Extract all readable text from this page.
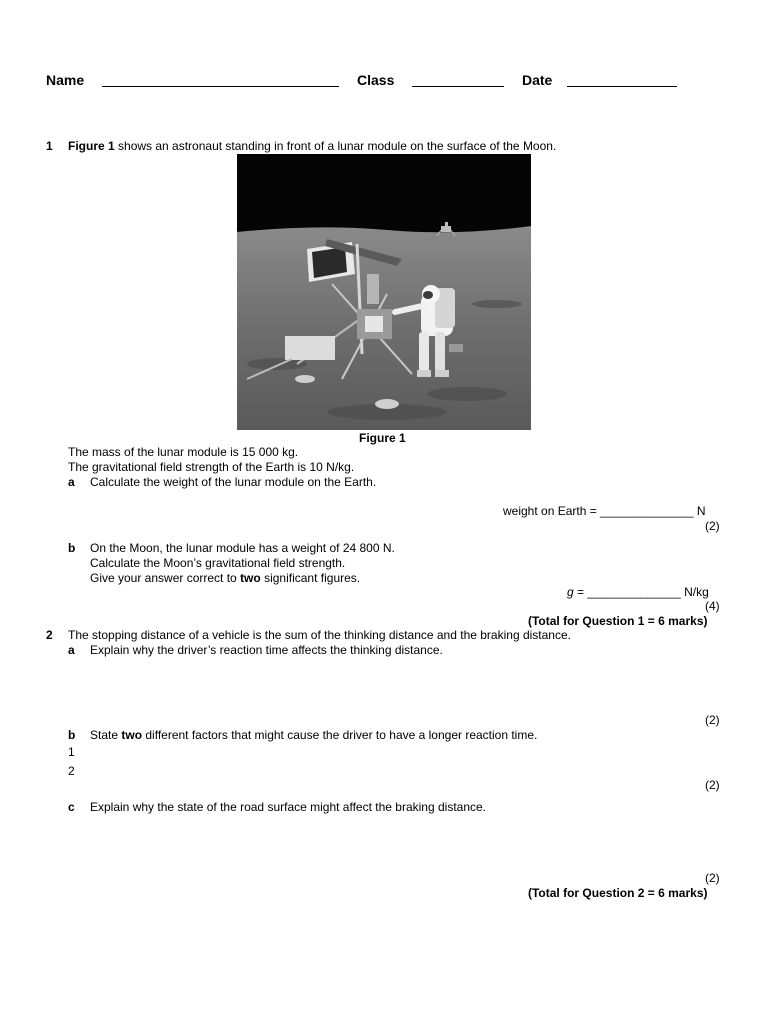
Name	Class	Date
1 Figure 1 shows an astronaut standing in front of a lunar module on the surface of the Moon.
Figure 1
The mass of the lunar module is 15 000 kg.
The gravitational field strength of the Earth is 10 N/kg.
a Calculate the weight of the lunar module on the Earth.
weight on Earth = ______________ N
(2)
b On the Moon, the lunar module has a weight of 24 800 N.
Calculate the Moon’s gravitational field strength.
Give your answer correct to two significant figures.
g = ______________ N/kg
(4)
(Total for Question 1 = 6 marks)
2 The stopping distance of a vehicle is the sum of the thinking distance and the braking distance.
a Explain why the driver’s reaction time affects the thinking distance.
(2)
b State two different factors that might cause the driver to have a longer reaction time.
1
2
(2)
c Explain why the state of the road surface might affect the braking distance.
(2)
(Total for Question 2 = 6 marks)
